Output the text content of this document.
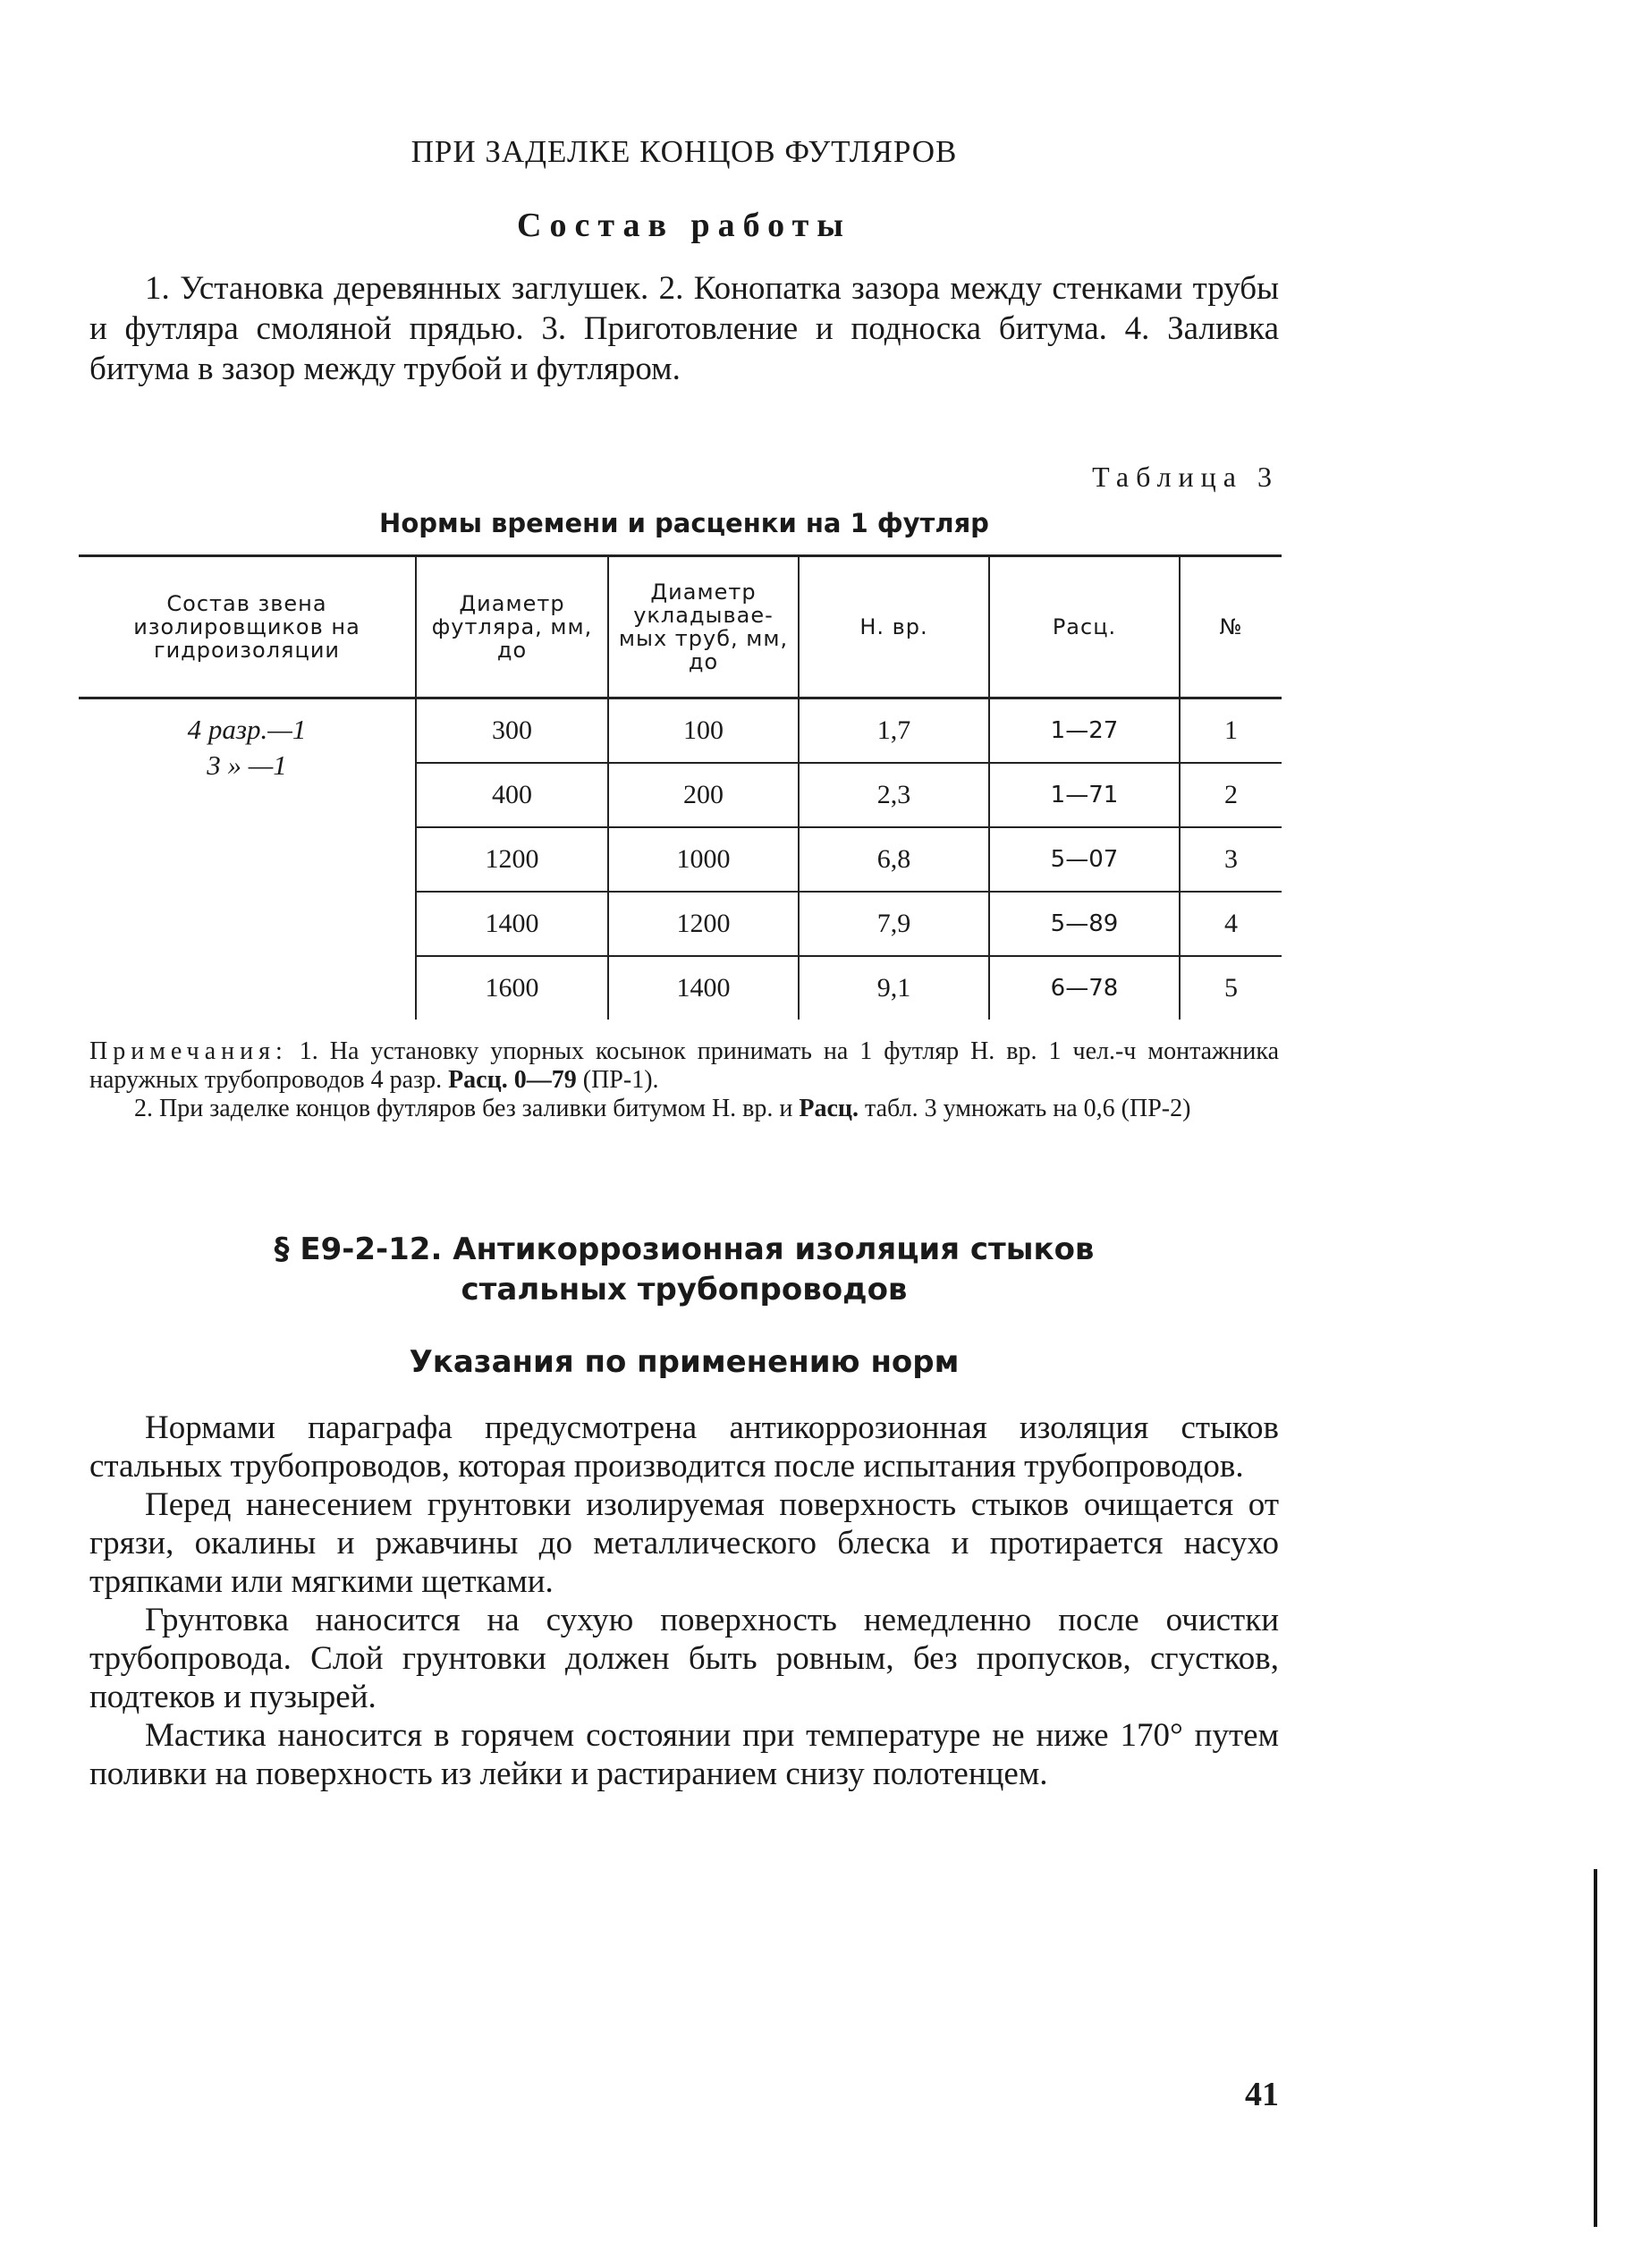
ПРИ ЗАДЕЛКЕ КОНЦОВ ФУТЛЯРОВ
Состав работы

1. Установка деревянных заглушек. 2. Конопатка зазора между стенками трубы и футляра смоляной прядью. 3. Приготовление и подноска битума. 4. Заливка битума в зазор между трубой и футляром.

Таблица 3
Нормы времени и расценки на 1 футляр
Состав звена изолировщиков на гидроизоляции	Диаметр футляра, мм, до	Диаметр укладывае-мых труб, мм, до	Н. вр.	Расц.	№
4 разр.—1
3 » —1	300	100	1,7	1—27	1
	400	200	2,3	1—71	2
	1200	1000	6,8	5—07	3
	1400	1200	7,9	5—89	4
	1600	1400	9,1	6—78	5
Примечания: 1. На установку упорных косынок принимать на 1 футляр Н. вр. 1 чел.-ч монтажника наружных трубопроводов 4 разр. Расц. 0—79 (ПР-1).
2. При заделке концов футляров без заливки битумом Н. вр. и Расц. табл. 3 умножать на 0,6 (ПР-2)
§ Е9-2-12. Антикоррозионная изоляция стыков
стальных трубопроводов
Указания по применению норм

Нормами параграфа предусмотрена антикоррозионная изоляция стыков стальных трубопроводов, которая производится после испытания трубопроводов.

Перед нанесением грунтовки изолируемая поверхность стыков очищается от грязи, окалины и ржавчины до металлического блеска и протирается насухо тряпками или мягкими щетками.

Грунтовка наносится на сухую поверхность немедленно после очистки трубопровода. Слой грунтовки должен быть ровным, без пропусков, сгустков, подтеков и пузырей.

Мастика наносится в горячем состоянии при температуре не ниже 170° путем поливки на поверхность из лейки и растиранием снизу полотенцем.

41
